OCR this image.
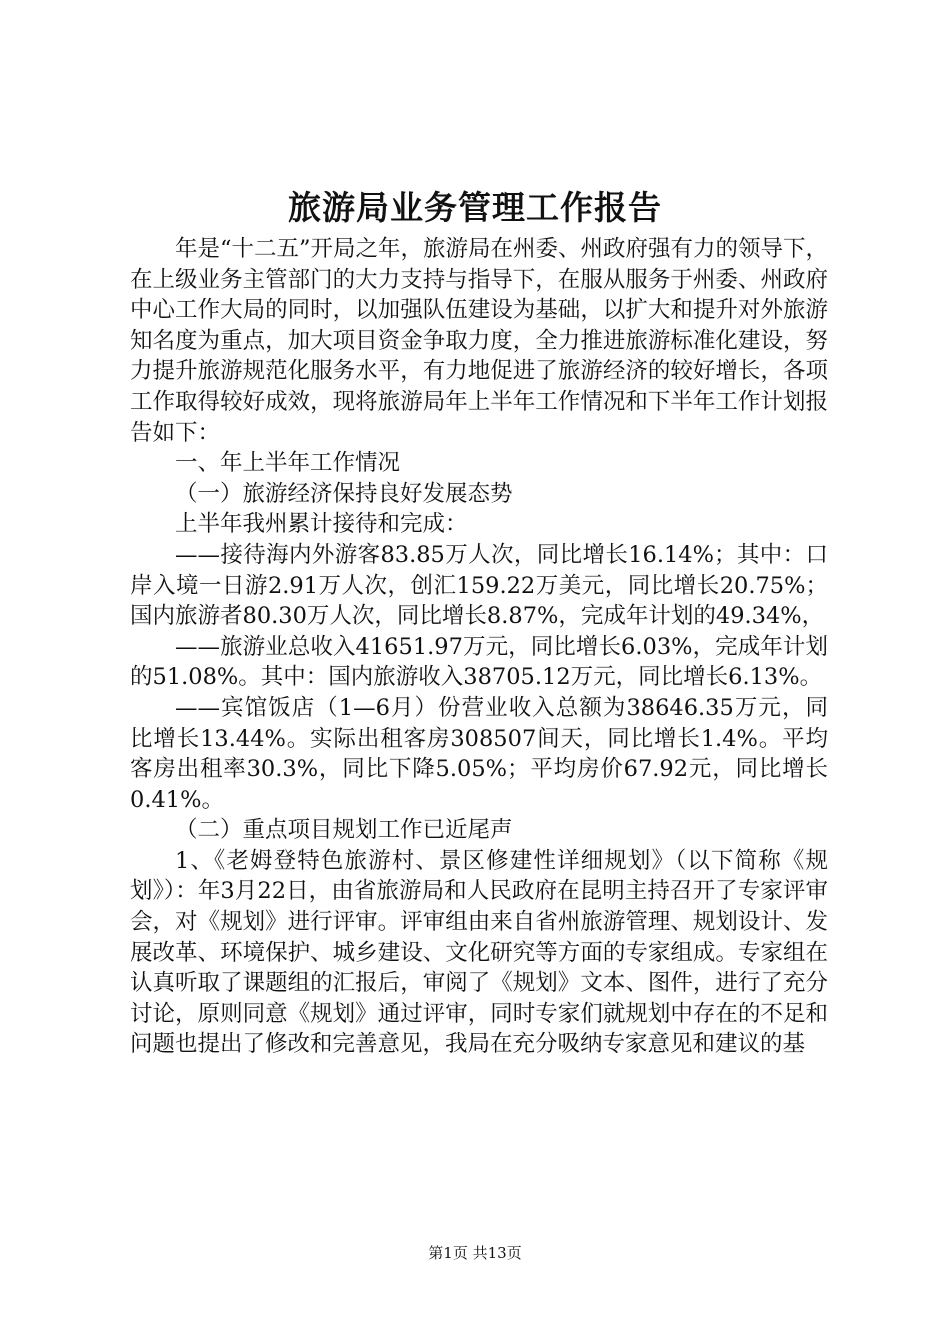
旅游局业务管理工作报告

年是“十二五”开局之年，旅游局在州委、州政府强有力的领导下，在上级业务主管部门的大力支持与指导下，在服从服务于州委、州政府中心工作大局的同时，以加强队伍建设为基础，以扩大和提升对外旅游知名度为重点，加大项目资金争取力度，全力推进旅游标准化建设，努力提升旅游规范化服务水平，有力地促进了旅游经济的较好增长，各项工作取得较好成效，现将旅游局年上半年工作情况和下半年工作计划报告如下：

一、年上半年工作情况

（一）旅游经济保持良好发展态势

上半年我州累计接待和完成：

——接待海内外游客83.85万人次，同比增长16.14%；其中：口岸入境一日游2.91万人次，创汇159.22万美元，同比增长20.75%；国内旅游者80.30万人次，同比增长8.87%，完成年计划的49.34%，

——旅游业总收入41651.97万元，同比增长6.03%，完成年计划的51.08%。其中：国内旅游收入38705.12万元，同比增长6.13%。

——宾馆饭店（1—6月）份营业收入总额为38646.35万元，同比增长13.44%。实际出租客房308507间天，同比增长1.4%。平均客房出租率30.3%，同比下降5.05%；平均房价67.92元，同比增长0.41%。

（二）重点项目规划工作已近尾声

1、《老姆登特色旅游村、景区修建性详细规划》（以下简称《规划》）：年3月22日，由省旅游局和人民政府在昆明主持召开了专家评审会，对《规划》进行评审。评审组由来自省州旅游管理、规划设计、发展改革、环境保护、城乡建设、文化研究等方面的专家组成。专家组在认真听取了课题组的汇报后，审阅了《规划》文本、图件，进行了充分讨论，原则同意《规划》通过评审，同时专家们就规划中存在的不足和问题也提出了修改和完善意见，我局在充分吸纳专家意见和建议的基

第1页 共13页
